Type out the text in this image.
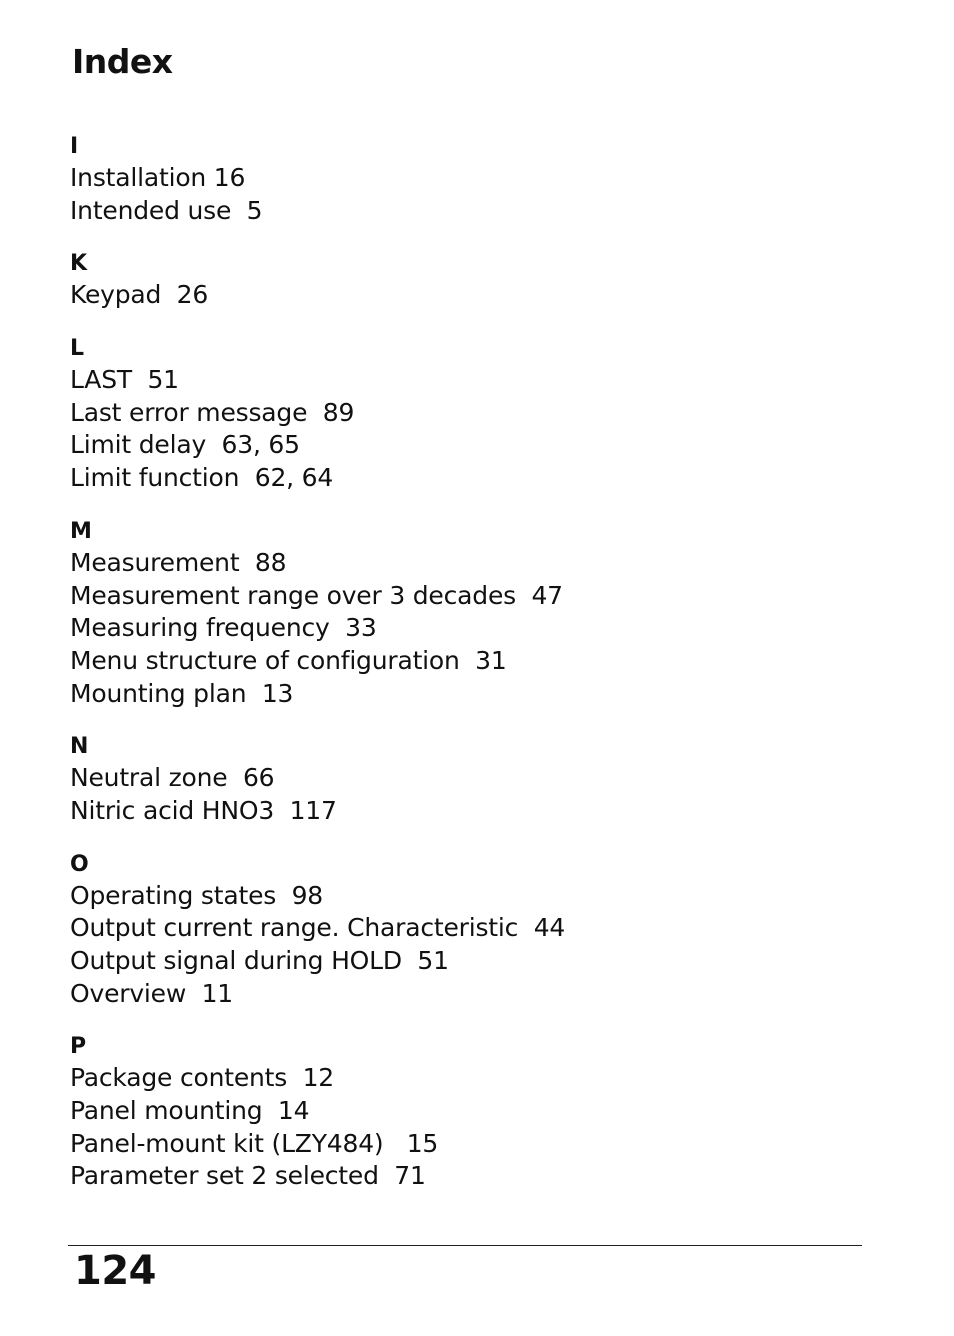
Index
I
Installation 16
Intended use  5
K
Keypad  26
L
LAST  51
Last error message  89
Limit delay  63, 65
Limit function  62, 64
M
Measurement  88
Measurement range over 3 decades  47
Measuring frequency  33
Menu structure of configuration  31
Mounting plan  13
N
Neutral zone  66
Nitric acid HNO3  117
O
Operating states  98
Output current range. Characteristic  44
Output signal during HOLD  51
Overview  11
P
Package contents  12
Panel mounting  14
Panel-mount kit (LZY484)   15
Parameter set 2 selected  71
124
